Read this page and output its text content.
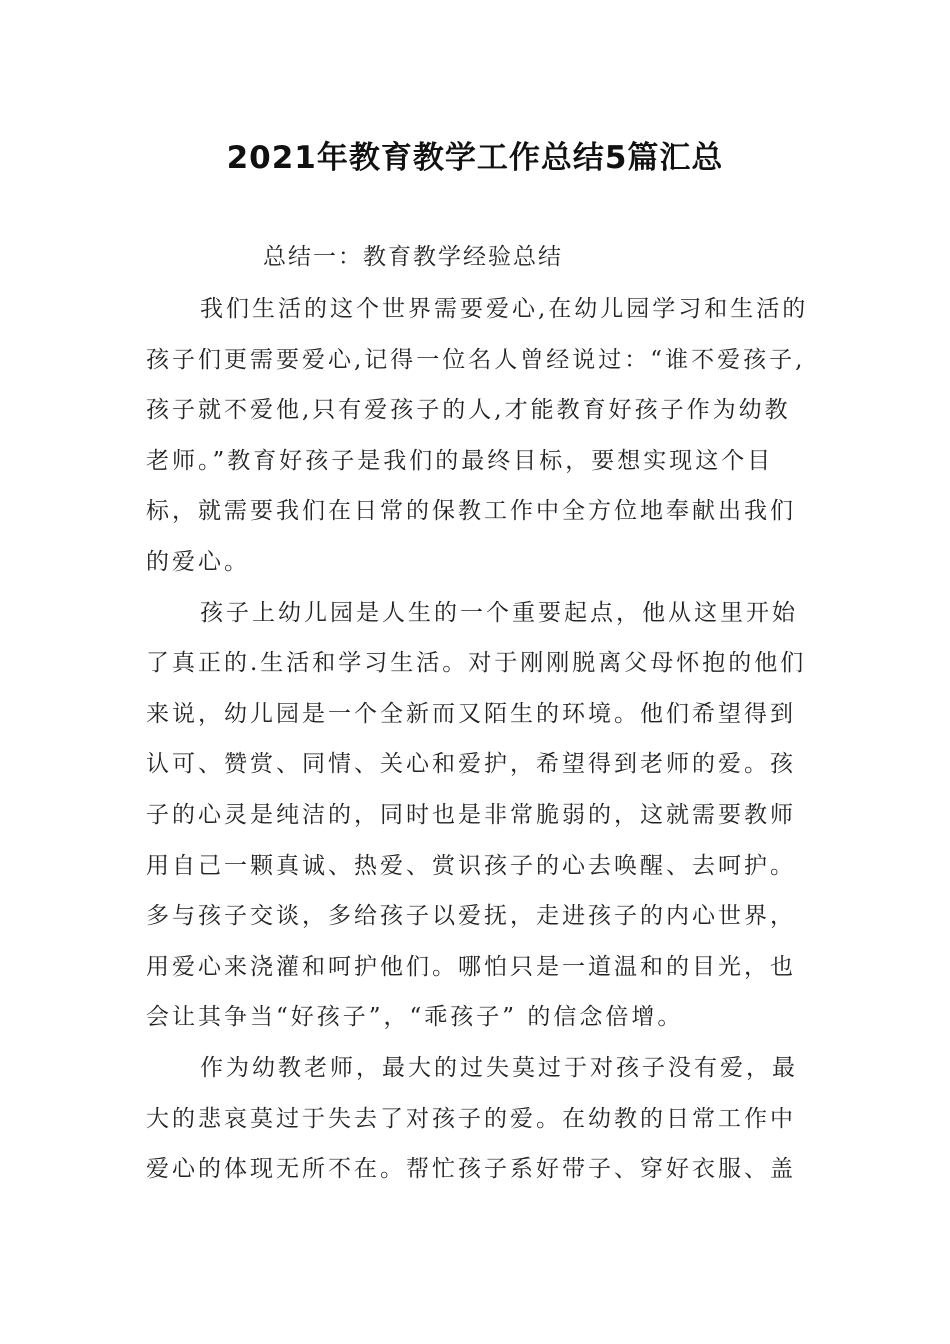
2021年教育教学工作总结5篇汇总
总结一：教育教学经验总结
我们生活的这个世界需要爱心,在幼儿园学习和生活的
孩子们更需要爱心,记得一位名人曾经说过：“谁不爱孩子,
孩子就不爱他,只有爱孩子的人,才能教育好孩子作为幼教
老师。”教育好孩子是我们的最终目标，要想实现这个目
标，就需要我们在日常的保教工作中全方位地奉献出我们
的爱心。
孩子上幼儿园是人生的一个重要起点，他从这里开始
了真正的.生活和学习生活。对于刚刚脱离父母怀抱的他们
来说，幼儿园是一个全新而又陌生的环境。他们希望得到
认可、赞赏、同情、关心和爱护，希望得到老师的爱。孩
子的心灵是纯洁的，同时也是非常脆弱的，这就需要教师
用自己一颗真诚、热爱、赏识孩子的心去唤醒、去呵护。
多与孩子交谈，多给孩子以爱抚，走进孩子的内心世界，
用爱心来浇灌和呵护他们。哪怕只是一道温和的目光，也
会让其争当“好孩子”，“乖孩子” 的信念倍增。
作为幼教老师，最大的过失莫过于对孩子没有爱，最
大的悲哀莫过于失去了对孩子的爱。在幼教的日常工作中
爱心的体现无所不在。帮忙孩子系好带子、穿好衣服、盖
